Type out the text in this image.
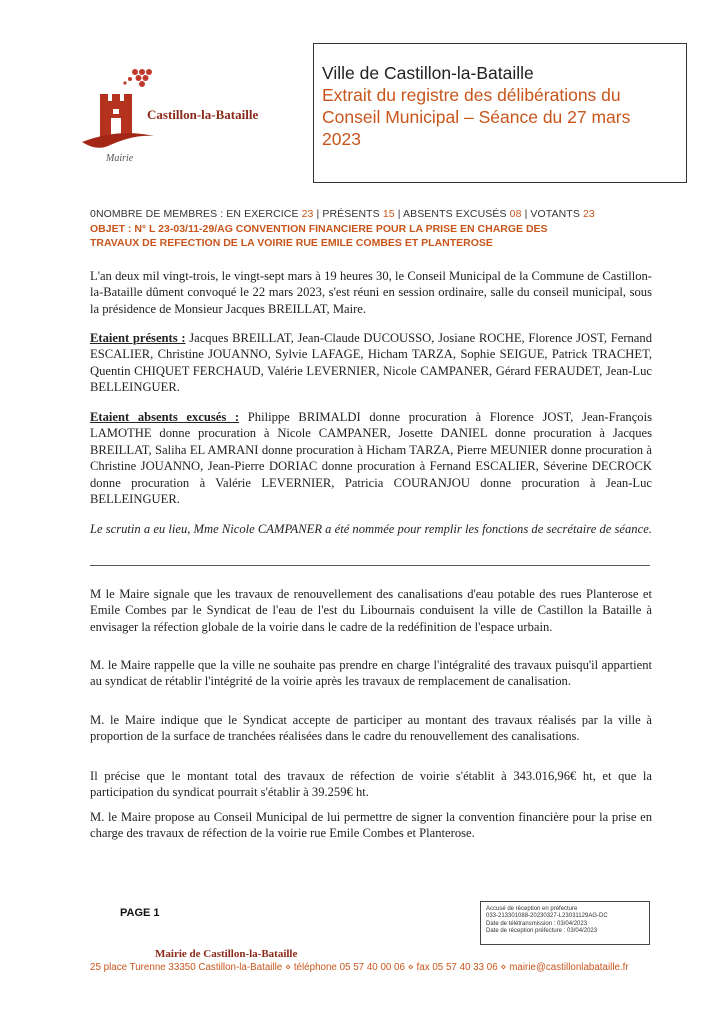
Castillon-la-Bataille
Mairie
Ville de Castillon-la-Bataille
Extrait du registre des délibérations du
Conseil Municipal – Séance du 27 mars
2023
0NOMBRE DE MEMBRES : EN EXERCICE 23 | PRÉSENTS 15 | ABSENTS EXCUSÉS 08 | VOTANTS 23
OBJET : N° L 23-03/11-29/AG CONVENTION FINANCIERE POUR LA PRISE EN CHARGE DES
TRAVAUX DE REFECTION DE LA VOIRIE RUE EMILE COMBES ET PLANTEROSE
L'an deux mil vingt-trois, le vingt-sept mars à 19 heures 30, le Conseil Municipal de la Commune de Castillon-la-Bataille dûment convoqué le 22 mars 2023, s'est réuni en session ordinaire, salle du conseil municipal, sous la présidence de Monsieur Jacques BREILLAT, Maire.
Etaient présents : Jacques BREILLAT, Jean-Claude DUCOUSSO, Josiane ROCHE, Florence JOST, Fernand ESCALIER, Christine JOUANNO, Sylvie LAFAGE, Hicham TARZA, Sophie SEIGUE, Patrick TRACHET, Quentin CHIQUET FERCHAUD, Valérie LEVERNIER, Nicole CAMPANER, Gérard FERAUDET, Jean-Luc BELLEINGUER.
Etaient absents excusés : Philippe BRIMALDI donne procuration à Florence JOST, Jean-François LAMOTHE donne procuration à Nicole CAMPANER, Josette DANIEL donne procuration à Jacques BREILLAT, Saliha EL AMRANI donne procuration à Hicham TARZA, Pierre MEUNIER donne procuration à Christine JOUANNO, Jean-Pierre DORIAC donne procuration à Fernand ESCALIER, Séverine DECROCK donne procuration à Valérie LEVERNIER, Patricia COURANJOU donne procuration à Jean-Luc BELLEINGUER.
Le scrutin a eu lieu, Mme Nicole CAMPANER a été nommée pour remplir les fonctions de secrétaire de séance.
M le Maire signale que les travaux de renouvellement des canalisations d'eau potable des rues Planterose et Emile Combes par le Syndicat de l'eau de l'est du Libournais conduisent la ville de Castillon la Bataille à envisager la réfection globale de la voirie dans le cadre de la redéfinition de l'espace urbain.
M. le Maire rappelle que la ville ne souhaite pas prendre en charge l'intégralité des travaux puisqu'il appartient au syndicat de rétablir l'intégrité de la voirie après les travaux de remplacement de canalisation.
M. le Maire indique que le Syndicat accepte de participer au montant des travaux réalisés par la ville à proportion de la surface de tranchées réalisées dans le cadre du renouvellement des canalisations.
Il précise que le montant total des travaux de réfection de voirie s'établit à 343.016,96€ ht, et que la participation du syndicat pourrait s'établir à 39.259€ ht.
M. le Maire propose au Conseil Municipal de lui permettre de signer la convention financière pour la prise en charge des travaux de réfection de la voirie rue Emile Combes et Planterose.
PAGE 1	Accusé de réception en préfecture
033-213301088-20230327-L23031129AG-DC
Date de télétransmission : 03/04/2023
Date de réception préfecture : 03/04/2023
Mairie de Castillon-la-Bataille
25 place Turenne 33350 Castillon-la-Bataille ⋄ téléphone 05 57 40 00 06 ⋄ fax 05 57 40 33 06 ⋄ mairie@castillonlabataille.fr
